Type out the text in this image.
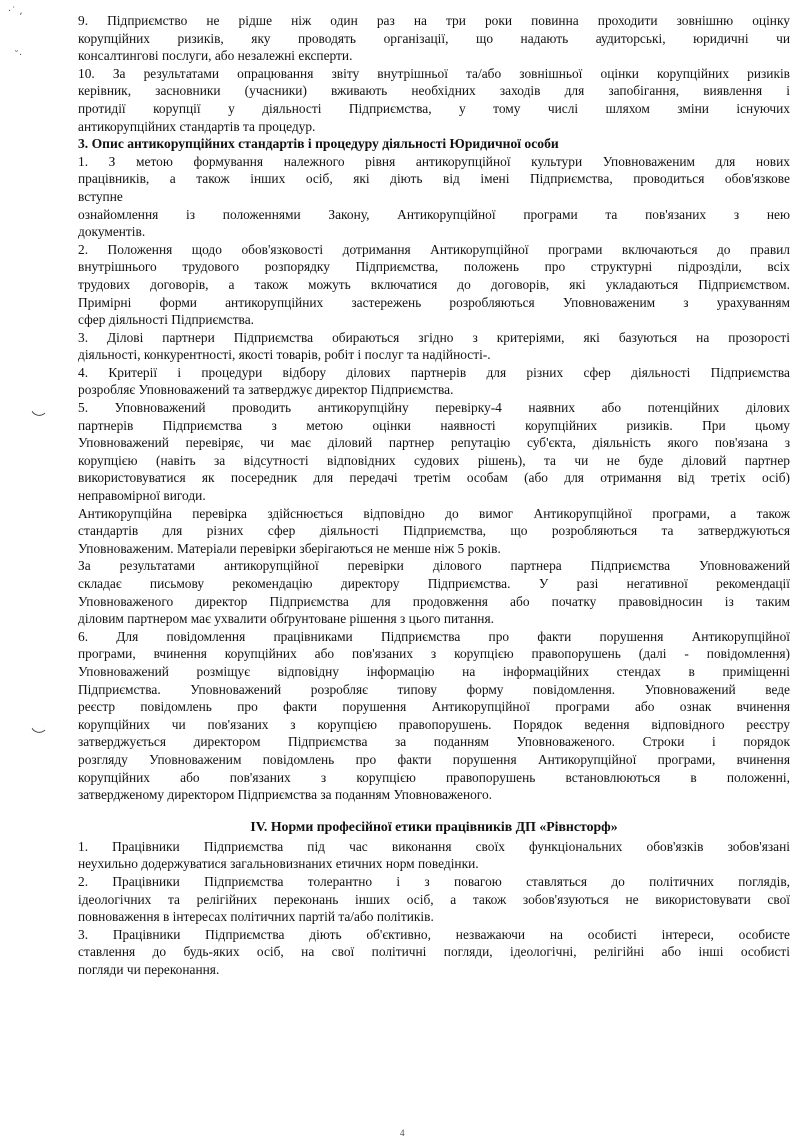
·˙ ,
˘·

9. Підприємство не рідше ніж один раз на три роки повинна проходити зовнішню оцінку

корупційних ризиків, яку проводять організації, що надають аудиторські, юридичні чи

консалтингові послуги, або незалежні експерти.

10. За результатами опрацювання звіту внутрішньої та/або зовнішньої оцінки корупційних ризиків

керівник, засновники (учасники) вживають необхідних заходів для запобігання, виявлення і

протидії корупції у діяльності Підприємства, у тому числі шляхом зміни існуючих

антикорупційних стандартів та процедур.

3. Опис антикорупційних стандартів і процедуру діяльності Юридичної особи

1. З метою формування належного рівня антикорупційної культури Уповноваженим для нових

працівників, а також інших осіб, які діють від імені Підприємства, проводиться обов'язкове

вступне

ознайомлення із положеннями Закону, Антикорупційної програми та пов'язаних з нею

документів.

2. Положення щодо обов'язковості дотримання Антикорупційної програми включаються до правил

внутрішнього трудового розпорядку Підприємства, положень про структурні підрозділи, всіх

трудових договорів, а також можуть включатися до договорів, які укладаються Підприємством.

Примірні форми антикорупційних застережень розробляються Уповноваженим з урахуванням

сфер діяльності Підприємства.

3. Ділові партнери Підприємства обираються згідно з критеріями, які базуються на прозорості

діяльності, конкурентності, якості товарів, робіт і послуг та надійності-.

4. Критерії і процедури відбору ділових партнерів для різних сфер діяльності Підприємства

розробляє Уповноважений та затверджує директор Підприємства.

5. Уповноважений проводить антикорупційну перевірку-4 наявних або потенційних ділових

партнерів Підприємства з метою оцінки наявності корупційних ризиків. При цьому

Уповноважений перевіряє, чи має діловий партнер репутацію суб'єкта, діяльність якого пов'язана з

корупцією (навіть за відсутності відповідних судових рішень), та чи не буде діловий партнер

використовуватися як посередник для передачі третім особам (або для отримання від третіх осіб)

неправомірної вигоди.

Антикорупційна перевірка здійснюється відповідно до вимог Антикорупційної програми, а також

стандартів для різних сфер діяльності Підприємства, що розробляються та затверджуються

Уповноваженим. Матеріали перевірки зберігаються не менше ніж 5 років.

За результатами антикорупційної перевірки ділового партнера Підприємства Уповноважений

складає письмову рекомендацію директору Підприємства. У разі негативної рекомендації

Уповноваженого директор Підприємства для продовження або початку правовідносин із таким

діловим партнером має ухвалити обґрунтоване рішення з цього питання.

6. Для повідомлення працівниками Підприємства про факти порушення Антикорупційної

програми, вчинення корупційних або пов'язаних з корупцією правопорушень (далі - повідомлення)

Уповноважений розміщує відповідну інформацію на інформаційних стендах в приміщенні

Підприємства. Уповноважений розробляє типову форму повідомлення. Уповноважений веде

реєстр повідомлень про факти порушення Антикорупційної програми або ознак вчинення

корупційних чи пов'язаних з корупцією правопорушень. Порядок ведення відповідного реєстру

затверджується директором Підприємства за поданням Уповноваженого. Строки і порядок

розгляду Уповноваженим повідомлень про факти порушення Антикорупційної програми, вчинення

корупційних або пов'язаних з корупцією правопорушень встановлюються в положенні,

затвердженому директором Підприємства за поданням Уповноваженого.

IV. Норми професійної етики працівників ДП «Рівнсторф»

1. Працівники Підприємства під час виконання своїх функціональних обов'язків зобов'язані

неухильно додержуватися загальновизнаних етичних норм поведінки.

2. Працівники Підприємства толерантно і з повагою ставляться до політичних поглядів,

ідеологічних та релігійних переконань інших осіб, а також зобов'язуються не використовувати свої

повноваження в інтересах політичних партій та/або політиків.

3. Працівники Підприємства діють об'єктивно, незважаючи на особисті інтереси, особисте

ставлення до будь-яких осіб, на свої політичні погляди, ідеологічні, релігійні або інші особисті

погляди чи переконання.

4
